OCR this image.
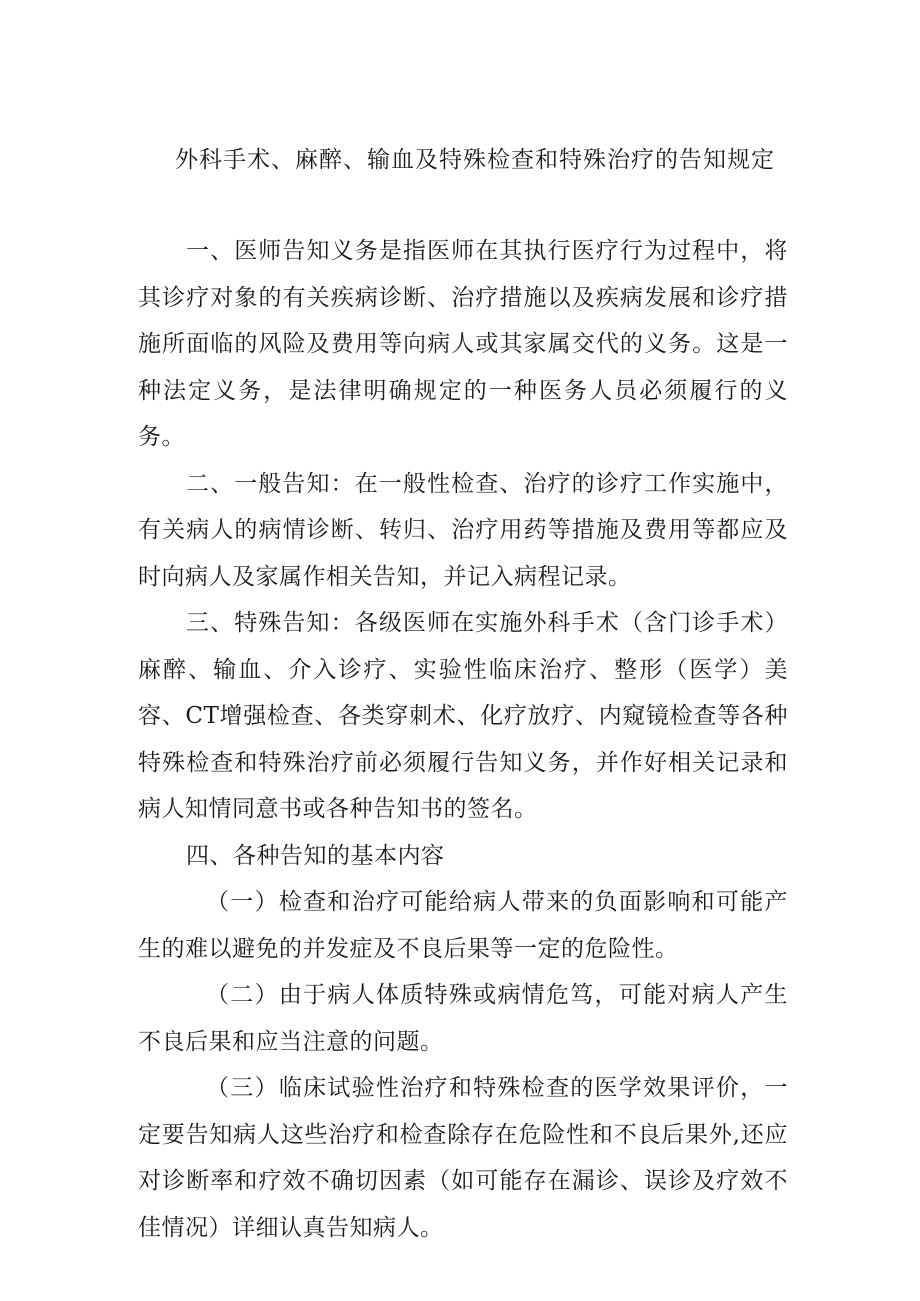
外科手术、麻醉、输血及特殊检查和特殊治疗的告知规定

一、医师告知义务是指医师在其执行医疗行为过程中，将其诊疗对象的有关疾病诊断、治疗措施以及疾病发展和诊疗措施所面临的风险及费用等向病人或其家属交代的义务。这是一种法定义务，是法律明确规定的一种医务人员必须履行的义务。

二、一般告知：在一般性检查、治疗的诊疗工作实施中，有关病人的病情诊断、转归、治疗用药等措施及费用等都应及时向病人及家属作相关告知，并记入病程记录。

三、特殊告知：各级医师在实施外科手术（含门诊手术）麻醉、输血、介入诊疗、实验性临床治疗、整形（医学）美容、CT增强检查、各类穿刺术、化疗放疗、内窥镜检查等各种特殊检查和特殊治疗前必须履行告知义务，并作好相关记录和病人知情同意书或各种告知书的签名。

四、各种告知的基本内容

（一）检查和治疗可能给病人带来的负面影响和可能产生的难以避免的并发症及不良后果等一定的危险性。

（二）由于病人体质特殊或病情危笃，可能对病人产生不良后果和应当注意的问题。

（三）临床试验性治疗和特殊检查的医学效果评价，一定要告知病人这些治疗和检查除存在危险性和不良后果外,还应对诊断率和疗效不确切因素（如可能存在漏诊、误诊及疗效不佳情况）详细认真告知病人。
